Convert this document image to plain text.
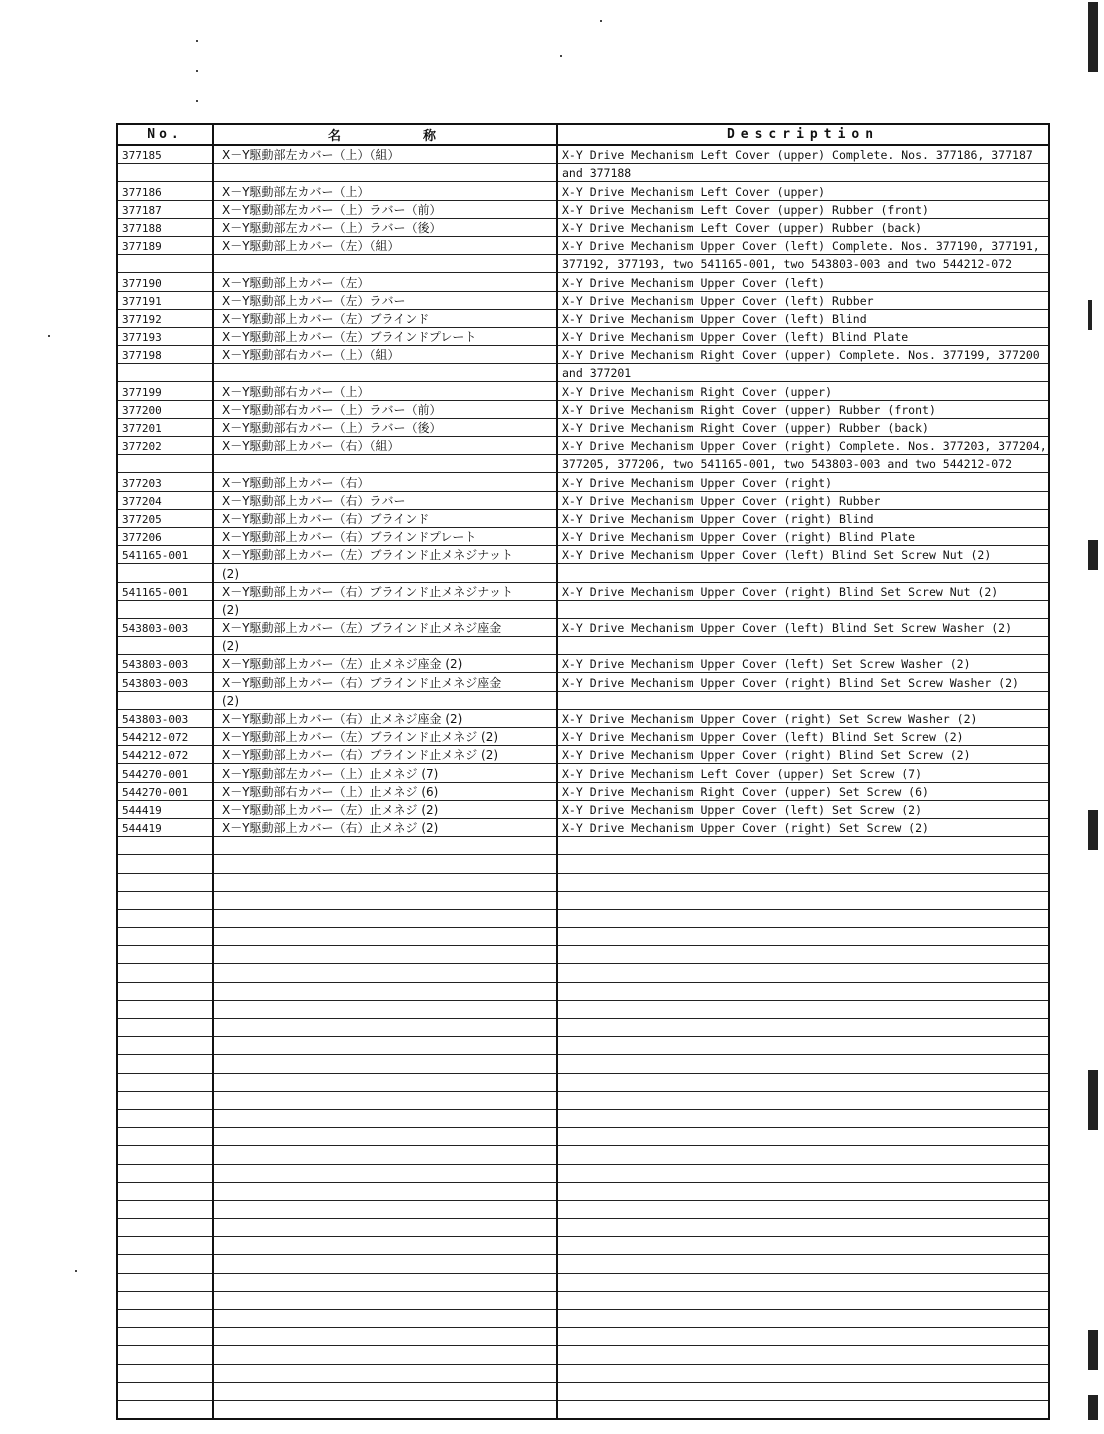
No.	名　　　　称	Description
377185	X－Y駆動部左カバー（上）（組）	X-Y Drive Mechanism Left Cover (upper) Complete. Nos. 377186, 377187
		and 377188
377186	X－Y駆動部左カバー（上）	X-Y Drive Mechanism Left Cover (upper)
377187	X－Y駆動部左カバー（上）ラバー（前）	X-Y Drive Mechanism Left Cover (upper) Rubber (front)
377188	X－Y駆動部左カバー（上）ラバー（後）	X-Y Drive Mechanism Left Cover (upper) Rubber (back)
377189	X－Y駆動部上カバー（左）（組）	X-Y Drive Mechanism Upper Cover (left) Complete. Nos. 377190, 377191,
		377192, 377193, two 541165-001, two 543803-003 and two 544212-072
377190	X－Y駆動部上カバー（左）	X-Y Drive Mechanism Upper Cover (left)
377191	X－Y駆動部上カバー（左）ラバー	X-Y Drive Mechanism Upper Cover (left) Rubber
377192	X－Y駆動部上カバー（左）ブラインド	X-Y Drive Mechanism Upper Cover (left) Blind
377193	X－Y駆動部上カバー（左）ブラインドプレート	X-Y Drive Mechanism Upper Cover (left) Blind Plate
377198	X－Y駆動部右カバー（上）（組）	X-Y Drive Mechanism Right Cover (upper) Complete. Nos. 377199, 377200
		and 377201
377199	X－Y駆動部右カバー（上）	X-Y Drive Mechanism Right Cover (upper)
377200	X－Y駆動部右カバー（上）ラバー（前）	X-Y Drive Mechanism Right Cover (upper) Rubber (front)
377201	X－Y駆動部右カバー（上）ラバー（後）	X-Y Drive Mechanism Right Cover (upper) Rubber (back)
377202	X－Y駆動部上カバー（右）（組）	X-Y Drive Mechanism Upper Cover (right) Complete. Nos. 377203, 377204,
		377205, 377206, two 541165-001, two 543803-003 and two 544212-072
377203	X－Y駆動部上カバー（右）	X-Y Drive Mechanism Upper Cover (right)
377204	X－Y駆動部上カバー（右）ラバー	X-Y Drive Mechanism Upper Cover (right) Rubber
377205	X－Y駆動部上カバー（右）ブラインド	X-Y Drive Mechanism Upper Cover (right) Blind
377206	X－Y駆動部上カバー（右）ブラインドプレート	X-Y Drive Mechanism Upper Cover (right) Blind Plate
541165-001	X－Y駆動部上カバー（左）ブラインド止メネジナット	X-Y Drive Mechanism Upper Cover (left) Blind Set Screw Nut (2)
	(2)	
541165-001	X－Y駆動部上カバー（右）ブラインド止メネジナット	X-Y Drive Mechanism Upper Cover (right) Blind Set Screw Nut (2)
	(2)	
543803-003	X－Y駆動部上カバー（左）ブラインド止メネジ座金	X-Y Drive Mechanism Upper Cover (left) Blind Set Screw Washer (2)
	(2)	
543803-003	X－Y駆動部上カバー（左）止メネジ座金 (2)	X-Y Drive Mechanism Upper Cover (left) Set Screw Washer (2)
543803-003	X－Y駆動部上カバー（右）ブラインド止メネジ座金	X-Y Drive Mechanism Upper Cover (right) Blind Set Screw Washer (2)
	(2)	
543803-003	X－Y駆動部上カバー（右）止メネジ座金 (2)	X-Y Drive Mechanism Upper Cover (right) Set Screw Washer (2)
544212-072	X－Y駆動部上カバー（左）ブラインド止メネジ (2)	X-Y Drive Mechanism Upper Cover (left) Blind Set Screw (2)
544212-072	X－Y駆動部上カバー（右）ブラインド止メネジ (2)	X-Y Drive Mechanism Upper Cover (right) Blind Set Screw (2)
544270-001	X－Y駆動部左カバー（上）止メネジ (7)	X-Y Drive Mechanism Left Cover (upper) Set Screw (7)
544270-001	X－Y駆動部右カバー（上）止メネジ (6)	X-Y Drive Mechanism Right Cover (upper) Set Screw (6)
544419	X－Y駆動部上カバー（左）止メネジ (2)	X-Y Drive Mechanism Upper Cover (left) Set Screw (2)
544419	X－Y駆動部上カバー（右）止メネジ (2)	X-Y Drive Mechanism Upper Cover (right) Set Screw (2)
